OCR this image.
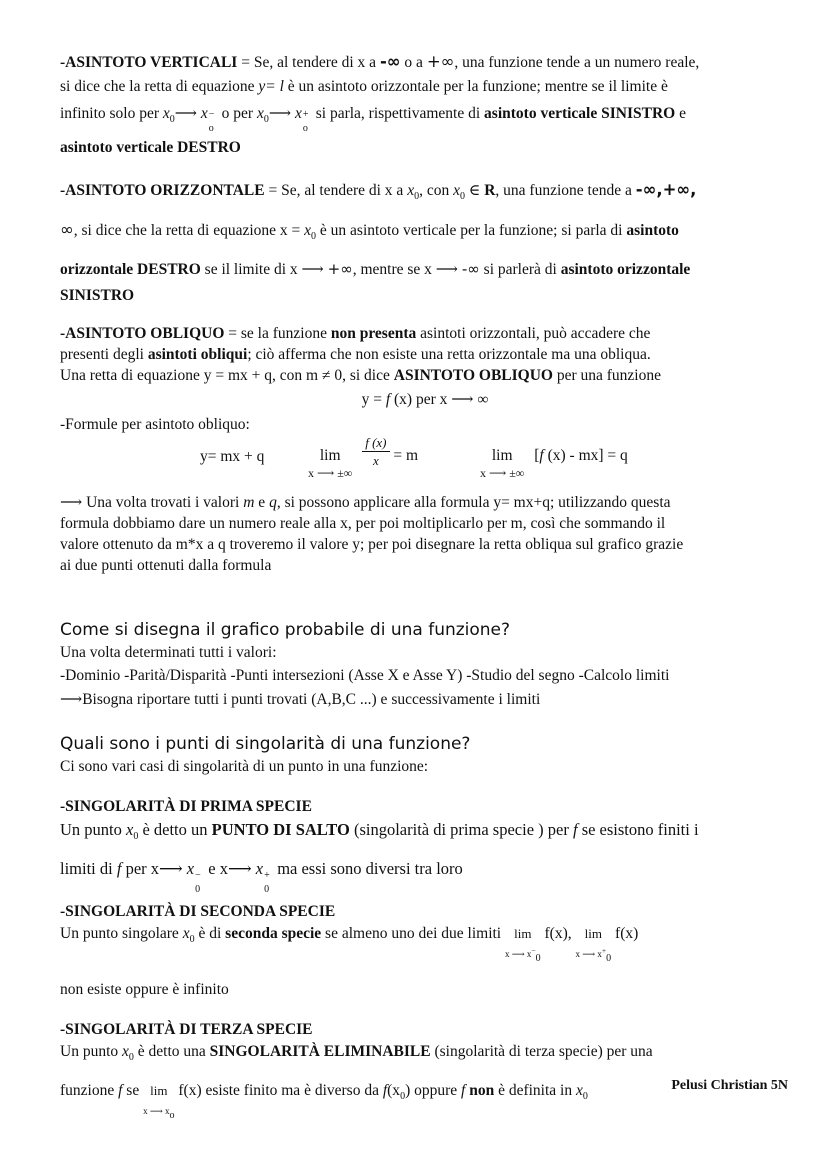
-ASINTOTO VERTICALI = Se, al tendere di x a -∞ o a +∞, una funzione tende a un numero reale,

si dice che la retta di equazione y= l è un asintoto orizzontale per la funzione; mentre se il limite è

infinito solo per $x_0⟶$ x −
o
o per $x_0⟶$ x +
o
si parla, rispettivamente di asintoto verticale SINISTRO e

asintoto verticale DESTRO

-ASINTOTO ORIZZONTALE = Se, al tendere di x a $x_0$, con $x_0$ ∈ R, una funzione tende a -∞,+∞,

∞, si dice che la retta di equazione $x = x_0$ è un asintoto verticale per la funzione; si parla di asintoto

orizzontale DESTRO se il limite di x ⟶ +∞, mentre se x ⟶ -∞ si parlerà di asintoto orizzontale

SINISTRO

-ASINTOTO OBLIQUO = se la funzione non presenta asintoti orizzontali, può accadere che

presenti degli asintoti obliqui; ciò afferma che non esiste una retta orizzontale ma una obliqua.

Una retta di equazione y = mx + q, con m ≠ 0, si dice ASINTOTO OBLIQUO per una funzione

y = f (x) per x ⟶ ∞

-Formule per asintoto obliquo:

y= mx + q	lim
x ⟶ ±∞

$\frac{f (x)}{x} = m$	lim
x ⟶ ±∞
[f (x) - mx] = q

⟶ Una volta trovati i valori m e q, si possono applicare alla formula y= mx+q; utilizzando questa

formula dobbiamo dare un numero reale alla x, per poi moltiplicarlo per m, così che sommando il

valore ottenuto da m*x a q troveremo il valore y; per poi disegnare la retta obliqua sul grafico grazie

ai due punti ottenuti dalla formula

Come si disegna il grafico probabile di una funzione?

Una volta determinati tutti i valori:

-Dominio -Parità/Disparità -Punti intersezioni (Asse X e Asse Y) -Studio del segno -Calcolo limiti

⟶Bisogna riportare tutti i punti trovati (A,B,C ...) e successivamente i limiti

Quali sono i punti di singolarità di una funzione?

Ci sono vari casi di singolarità di un punto in una funzione:

-SINGOLARITÀ DI PRIMA SPECIE

Un punto $x_0$ è detto un PUNTO DI SALTO (singolarità di prima specie ) per f se esistono finiti i

limiti di f per x⟶ x −
0
e x⟶ x +
0
ma essi sono diversi tra loro

-SINGOLARITÀ DI SECONDA SPECIE

Un punto singolare $x_0$ è di seconda specie se almeno uno dei due limiti lim
x ⟶ $x^-_0$
f(x), lim
x ⟶ $x^+_0$
f(x)

non esiste oppure è infinito

-SINGOLARITÀ DI TERZA SPECIE

Un punto $x_0$ è detto una SINGOLARITÀ ELIMINABILE (singolarità di terza specie) per una

funzione f se lim
x ⟶ $x_o$
f(x) esiste finito ma è diverso da $f(x_0)$ oppure f non è definita in $x_0$

Pelusi Christian 5N
